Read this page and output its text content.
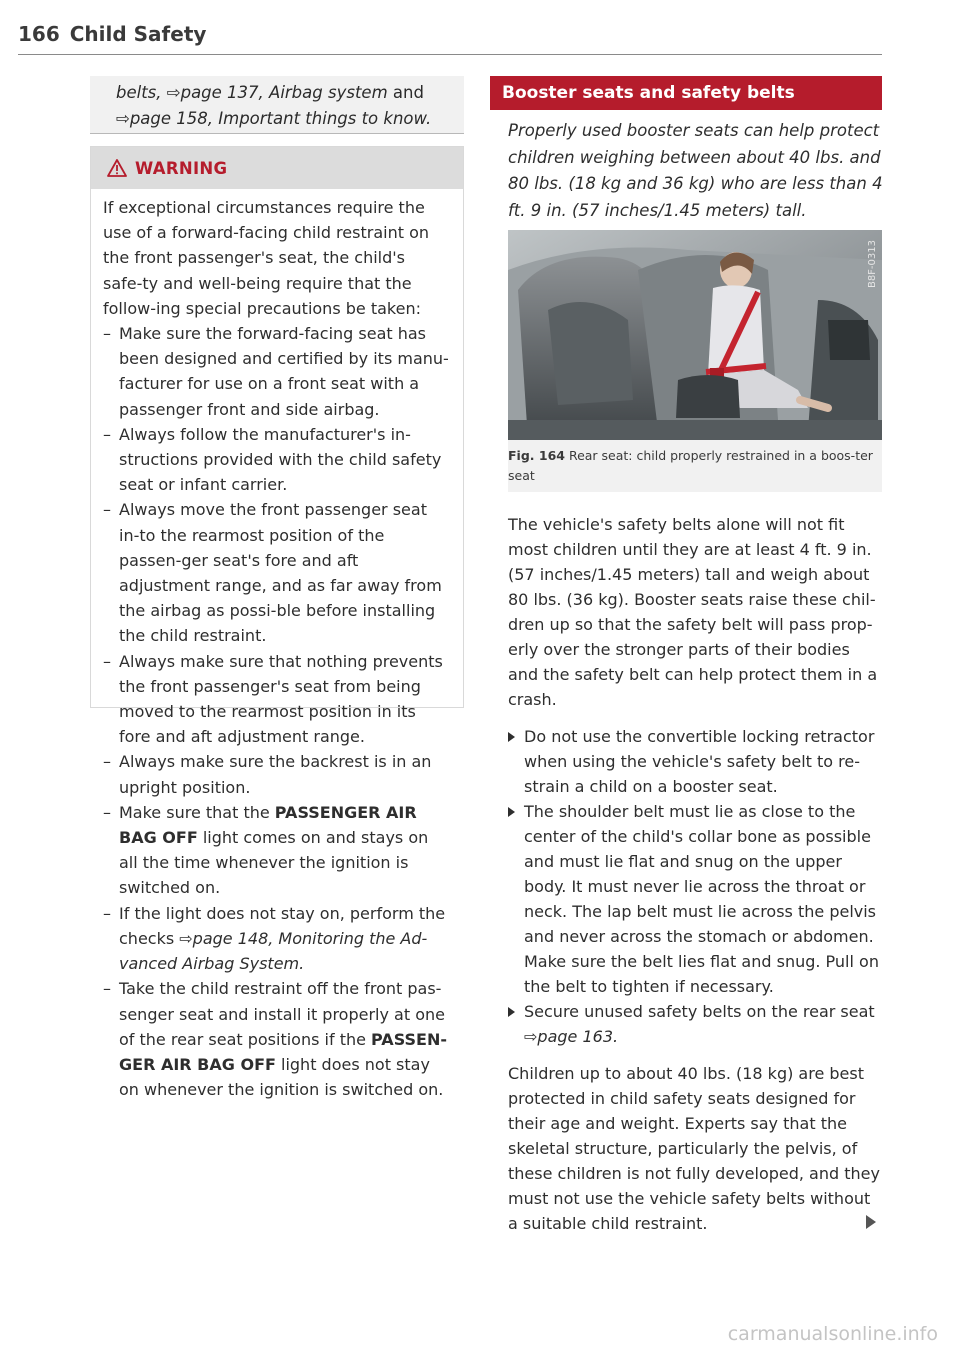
166 Child Safety
belts, ⇨page 137, Airbag system and
⇨page 158, Important things to know.
WARNING

If exceptional circumstances require the use of a forward-facing child restraint on the front passenger's seat, the child's safe-ty and well-being require that the follow-ing special precautions be taken:

– Make sure the forward-facing seat has been designed and certified by its manu-facturer for use on a front seat with a passenger front and side airbag.

– Always follow the manufacturer's in-structions provided with the child safety seat or infant carrier.

– Always move the front passenger seat in-to the rearmost position of the passen-ger seat's fore and aft adjustment range, and as far away from the airbag as possi-ble before installing the child restraint.

– Always make sure that nothing prevents the front passenger's seat from being moved to the rearmost position in its fore and aft adjustment range.

– Always make sure the backrest is in an upright position.

– Make sure that the PASSENGER AIR BAG OFF light comes on and stays on all the time whenever the ignition is switched on.

– If the light does not stay on, perform the checks ⇨page 148, Monitoring the Ad-vanced Airbag System.

– Take the child restraint off the front pas-senger seat and install it properly at one of the rear seat positions if the PASSEN-GER AIR BAG OFF light does not stay on whenever the ignition is switched on.

Booster seats and safety belts
Properly used booster seats can help protect children weighing between about 40 lbs. and 80 lbs. (18 kg and 36 kg) who are less than 4 ft. 9 in. (57 inches/1.45 meters) tall.
B8F-0313
Fig. 164 Rear seat: child properly restrained in a boos-ter seat

The vehicle's safety belts alone will not fit most children until they are at least 4 ft. 9 in. (57 inches/1.45 meters) tall and weigh about 80 lbs. (36 kg). Booster seats raise these chil-dren up so that the safety belt will pass prop-erly over the stronger parts of their bodies and the safety belt can help protect them in a crash.

Do not use the convertible locking retractor when using the vehicle's safety belt to re-strain a child on a booster seat.

The shoulder belt must lie as close to the center of the child's collar bone as possible and must lie flat and snug on the upper body. It must never lie across the throat or neck. The lap belt must lie across the pelvis and never across the stomach or abdomen. Make sure the belt lies flat and snug. Pull on the belt to tighten if necessary.

Secure unused safety belts on the rear seat ⇨page 163.

Children up to about 40 lbs. (18 kg) are best protected in child safety seats designed for their age and weight. Experts say that the skeletal structure, particularly the pelvis, of these children is not fully developed, and they must not use the vehicle safety belts without a suitable child restraint.

carmanualsonline.info
